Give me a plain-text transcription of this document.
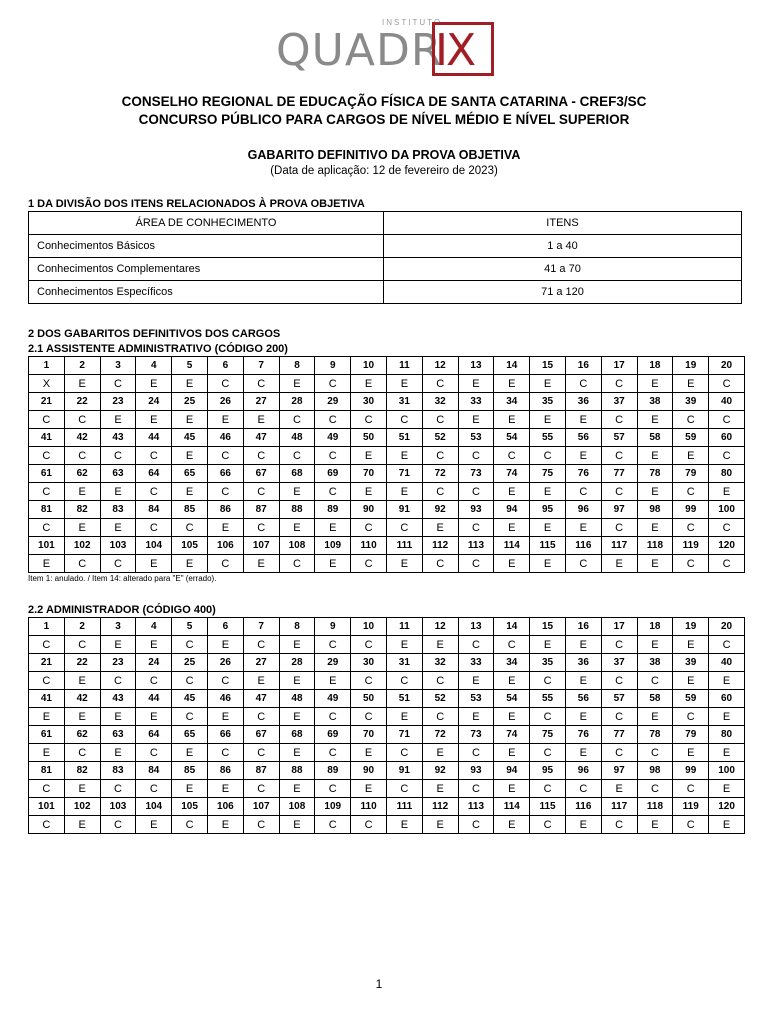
INSTITUTO
QUADR
IX
CONSELHO REGIONAL DE EDUCAÇÃO FÍSICA DE SANTA CATARINA - CREF3/SC
CONCURSO PÚBLICO PARA CARGOS DE NÍVEL MÉDIO E NÍVEL SUPERIOR
GABARITO DEFINITIVO DA PROVA OBJETIVA
(Data de aplicação: 12 de fevereiro de 2023)
1 DA DIVISÃO DOS ITENS RELACIONADOS À PROVA OBJETIVA
ÁREA DE CONHECIMENTO	ITENS
Conhecimentos Básicos	1 a 40
Conhecimentos Complementares	41 a 70
Conhecimentos Específicos	71 a 120
2 DOS GABARITOS DEFINITIVOS DOS CARGOS
2.1 ASSISTENTE ADMINISTRATIVO (CÓDIGO 200)
1	2	3	4	5	6	7	8	9	10	11	12	13	14	15	16	17	18	19	20
X	E	C	E	E	C	C	E	C	E	E	C	E	E	E	C	C	E	E	C
21	22	23	24	25	26	27	28	29	30	31	32	33	34	35	36	37	38	39	40
C	C	E	E	E	E	E	C	C	C	C	C	E	E	E	E	C	E	C	C
41	42	43	44	45	46	47	48	49	50	51	52	53	54	55	56	57	58	59	60
C	C	C	C	E	C	C	C	C	E	E	C	C	C	C	E	C	E	E	C
61	62	63	64	65	66	67	68	69	70	71	72	73	74	75	76	77	78	79	80
C	E	E	C	E	C	C	E	C	E	E	C	C	E	E	C	C	E	C	E
81	82	83	84	85	86	87	88	89	90	91	92	93	94	95	96	97	98	99	100
C	E	E	C	C	E	C	E	E	C	C	E	C	E	E	E	C	E	C	C
101	102	103	104	105	106	107	108	109	110	111	112	113	114	115	116	117	118	119	120
E	C	C	E	E	C	E	C	E	C	E	C	C	E	E	C	E	E	C	C
Item 1: anulado. / Item 14: alterado para "E" (errado).
2.2 ADMINISTRADOR (CÓDIGO 400)
1	2	3	4	5	6	7	8	9	10	11	12	13	14	15	16	17	18	19	20
C	C	E	E	C	E	C	E	C	C	E	E	C	C	E	E	C	E	E	C
21	22	23	24	25	26	27	28	29	30	31	32	33	34	35	36	37	38	39	40
C	E	C	C	C	C	E	E	E	C	C	C	E	E	C	E	C	C	E	E
41	42	43	44	45	46	47	48	49	50	51	52	53	54	55	56	57	58	59	60
E	E	E	E	C	E	C	E	C	C	E	C	E	E	C	E	C	E	C	E
61	62	63	64	65	66	67	68	69	70	71	72	73	74	75	76	77	78	79	80
E	C	E	C	E	C	C	E	C	E	C	E	C	E	C	E	C	C	E	E
81	82	83	84	85	86	87	88	89	90	91	92	93	94	95	96	97	98	99	100
C	E	C	C	E	E	C	E	C	E	C	E	C	E	C	C	E	C	C	E
101	102	103	104	105	106	107	108	109	110	111	112	113	114	115	116	117	118	119	120
C	E	C	E	C	E	C	E	C	C	E	E	C	E	C	E	C	E	C	E
1
